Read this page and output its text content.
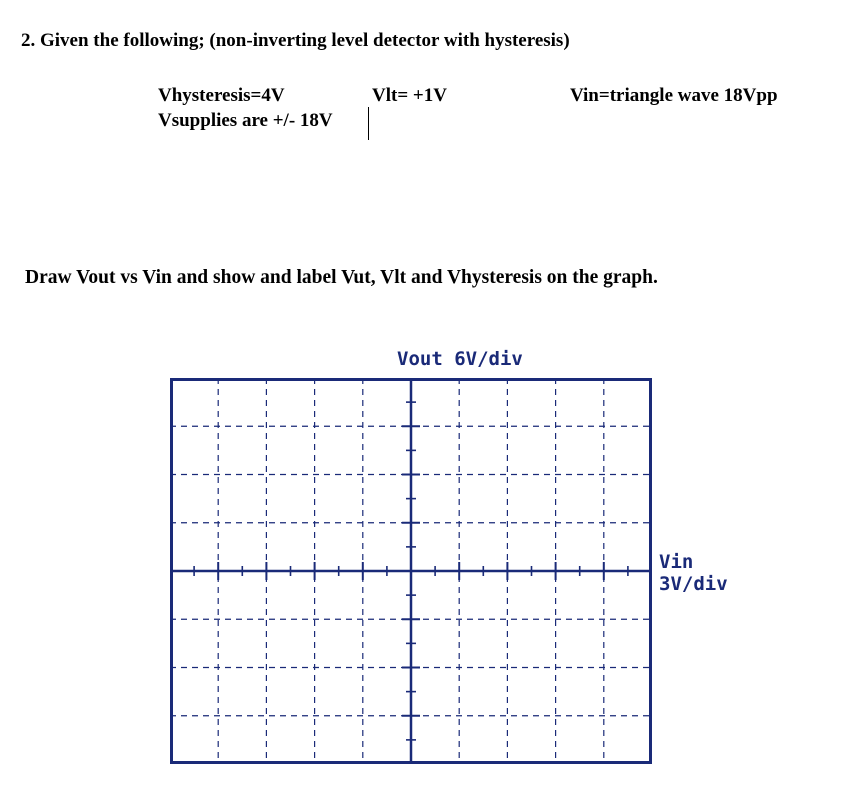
2. Given the following; (non-inverting level detector with hysteresis)
Vhysteresis=4V	Vlt= +1V	Vin=triangle wave 18Vpp
Vsupplies are +/- 18V
Draw Vout vs Vin and show and label Vut, Vlt and Vhysteresis on the graph.
Vout 6V/div
Vin
3V/div
